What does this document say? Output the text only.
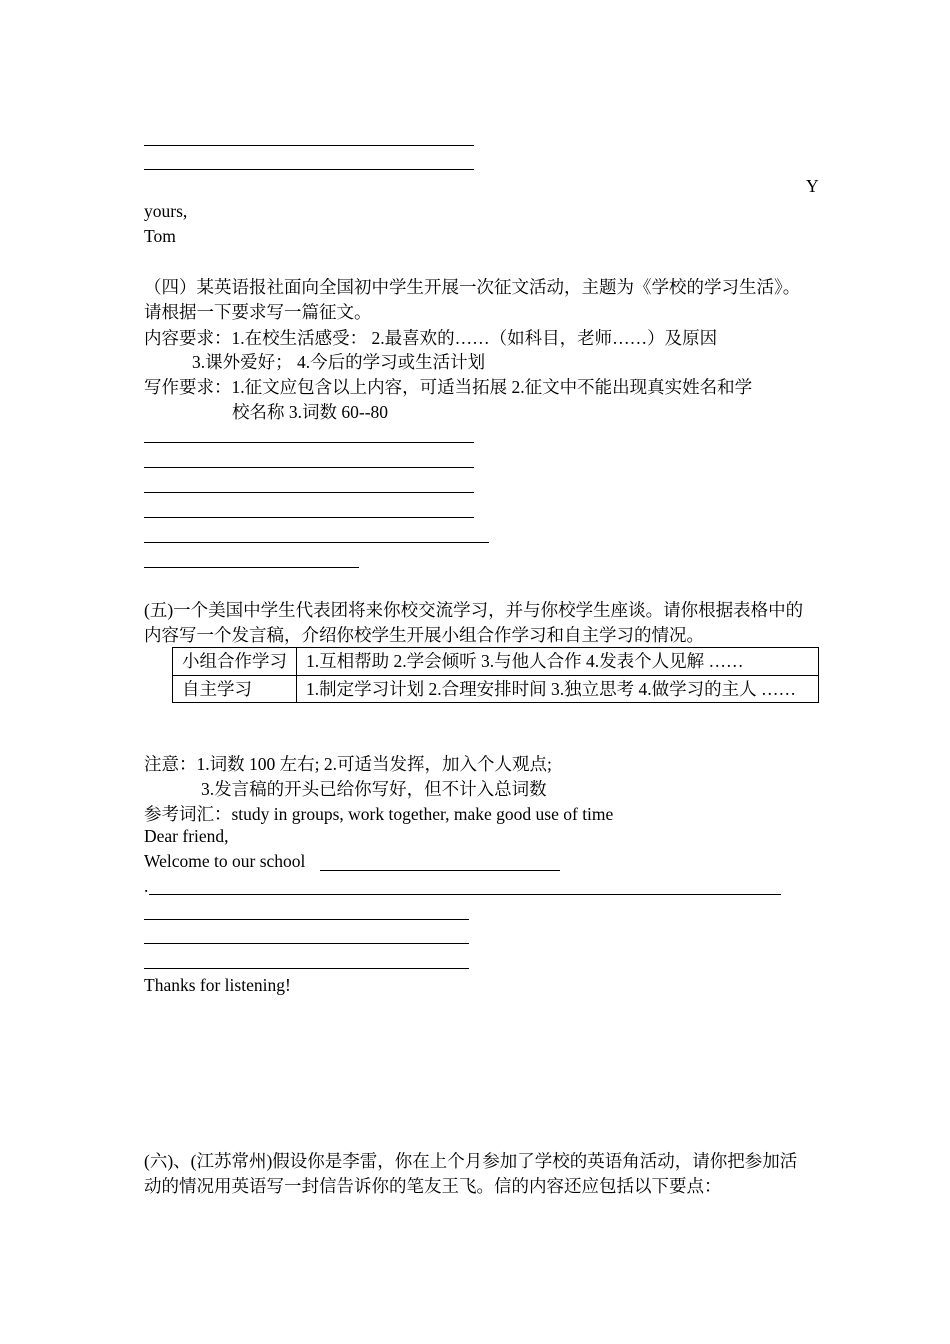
Y
yours,
Tom
（四）某英语报社面向全国初中学生开展一次征文活动，主题为《学校的学习生活》。请根据一下要求写一篇征文。
内容要求：1.在校生活感受： 2.最喜欢的……（如科目，老师……）及原因
3.课外爱好； 4.今后的学习或生活计划
写作要求：1.征文应包含以上内容，可适当拓展 2.征文中不能出现真实姓名和学
校名称 3.词数 60--80
(五)一个美国中学生代表团将来你校交流学习，并与你校学生座谈。请你根据表格中的内容写一个发言稿，介绍你校学生开展小组合作学习和自主学习的情况。
小组合作学习	1.互相帮助 2.学会倾听 3.与他人合作 4.发表个人见解 ……
自主学习	1.制定学习计划 2.合理安排时间 3.独立思考 4.做学习的主人 ……
注意：1.词数 100 左右; 2.可适当发挥，加入个人观点;
3.发言稿的开头已给你写好，但不计入总词数
参考词汇：study in groups, work together, make good use of time
Dear friend,
Welcome to our school
.
Thanks for listening!
(六)、(江苏常州)假设你是李雷，你在上个月参加了学校的英语角活动，请你把参加活动的情况用英语写一封信告诉你的笔友王飞。信的内容还应包括以下要点：
